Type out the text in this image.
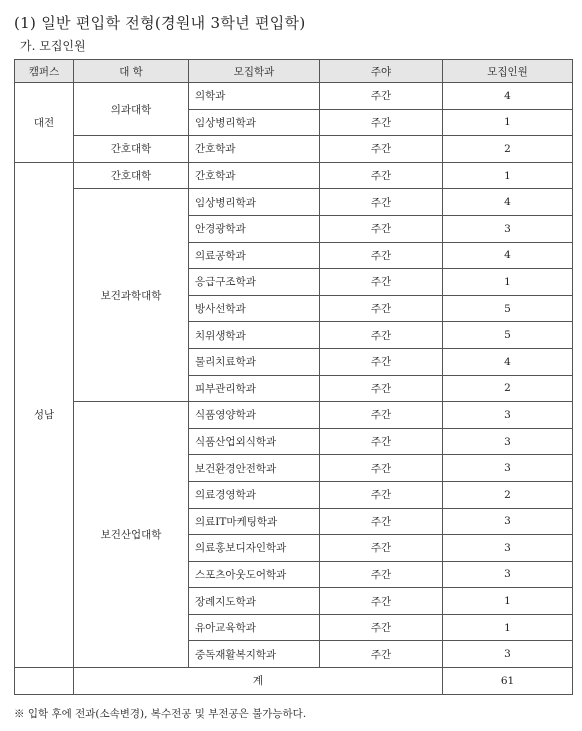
(1) 일반 편입학 전형(경원내 3학년 편입학)
가. 모집인원
캠퍼스	대 학	모집학과	주야	모집인원
대전	의과대학	의학과	주간	4
		임상병리학과	주간	1
	간호대학	간호학과	주간	2
성남	간호대학	간호학과	주간	1
	보건과학대학	임상병리학과	주간	4
		안경광학과	주간	3
		의료공학과	주간	4
		응급구조학과	주간	1
		방사선학과	주간	5
		치위생학과	주간	5
		물리치료학과	주간	4
		피부관리학과	주간	2
	보건산업대학	식품영양학과	주간	3
		식품산업외식학과	주간	3
		보건환경안전학과	주간	3
		의료경영학과	주간	2
		의료IT마케팅학과	주간	3
		의료홍보디자인학과	주간	3
		스포츠아웃도어학과	주간	3
		장례지도학과	주간	1
		유아교육학과	주간	1
		중독재활복지학과	주간	3
	계			61
※ 입학 후에 전과(소속변경), 복수전공 및 부전공은 불가능하다.
